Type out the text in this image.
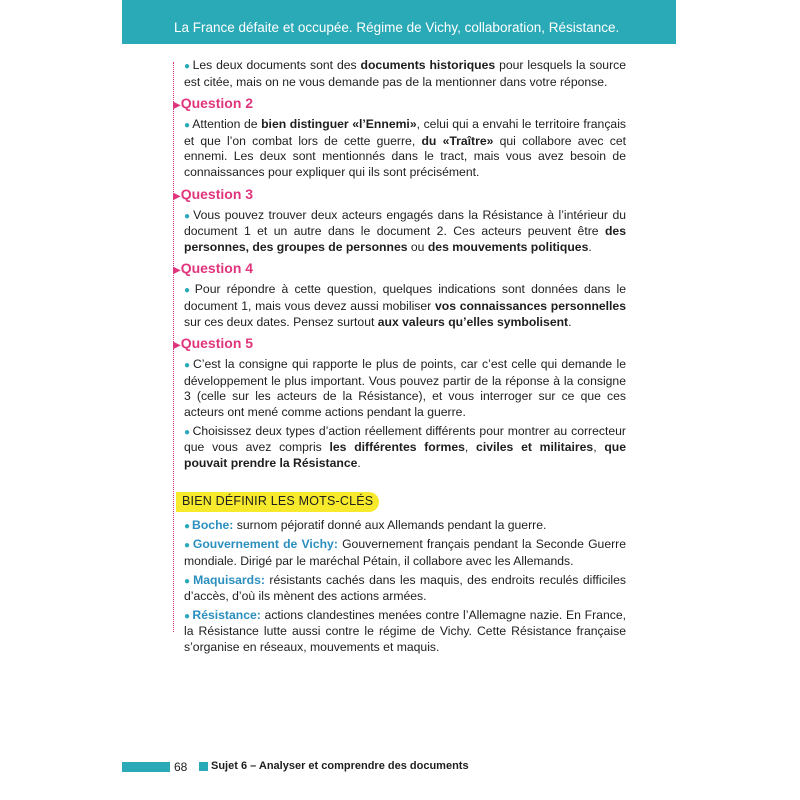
La France défaite et occupée. Régime de Vichy, collaboration, Résistance.

● Les deux documents sont des documents historiques pour lesquels la source est citée, mais on ne vous demande pas de la mentionner dans votre réponse.

▶Question 2

● Attention de bien distinguer «l’Ennemi», celui qui a envahi le territoire français et que l’on combat lors de cette guerre, du «Traître» qui collabore avec cet ennemi. Les deux sont mentionnés dans le tract, mais vous avez besoin de connaissances pour expliquer qui ils sont précisément.

▶Question 3

● Vous pouvez trouver deux acteurs engagés dans la Résistance à l’intérieur du document 1 et un autre dans le document 2. Ces acteurs peuvent être des personnes, des groupes de personnes ou des mouvements politiques.

▶Question 4

● Pour répondre à cette question, quelques indications sont données dans le document 1, mais vous devez aussi mobiliser vos connaissances personnelles sur ces deux dates. Pensez surtout aux valeurs qu’elles symbolisent.

▶Question 5

● C’est la consigne qui rapporte le plus de points, car c’est celle qui demande le développement le plus important. Vous pouvez partir de la réponse à la consigne 3 (celle sur les acteurs de la Résistance), et vous interroger sur ce que ces acteurs ont mené comme actions pendant la guerre.

● Choisissez deux types d’action réellement différents pour montrer au correcteur que vous avez compris les différentes formes, civiles et militaires, que pouvait prendre la Résistance.

BIEN DÉFINIR LES MOTS-CLÉS

● Boche: surnom péjoratif donné aux Allemands pendant la guerre.

● Gouvernement de Vichy: Gouvernement français pendant la Seconde Guerre mondiale. Dirigé par le maréchal Pétain, il collabore avec les Allemands.

● Maquisards: résistants cachés dans les maquis, des endroits reculés difficiles d’accès, d’où ils mènent des actions armées.

● Résistance: actions clandestines menées contre l’Allemagne nazie. En France, la Résistance lutte aussi contre le régime de Vichy. Cette Résistance française s’organise en réseaux, mouvements et maquis.

68 Sujet 6 – Analyser et comprendre des documents
